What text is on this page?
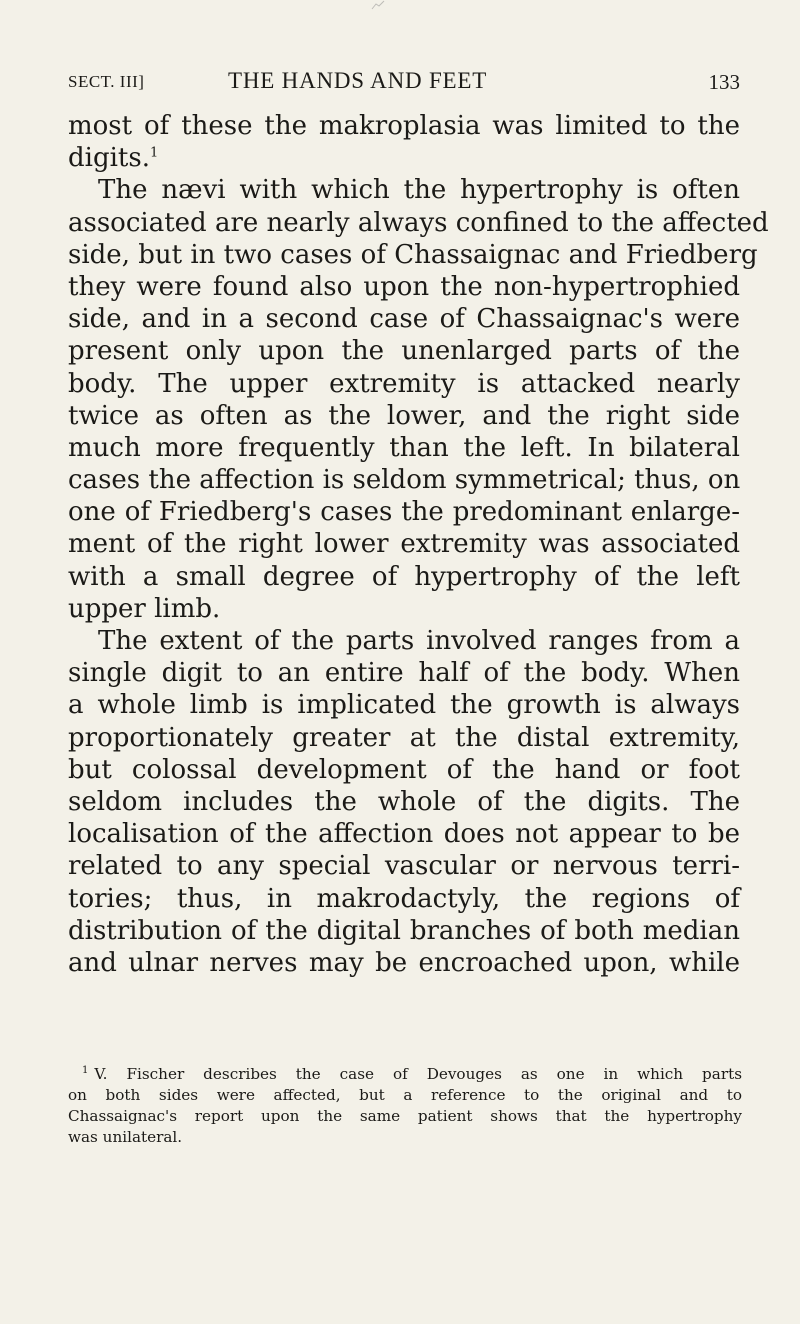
SECT. III]	THE HANDS AND FEET	133
most of these the makroplasia was limited to the
digits.$^1$
The nævi with which the hypertrophy is often
associated are nearly always confined to the affected
side, but in two cases of Chassaignac and Friedberg
they were found also upon the non-hypertrophied
side, and in a second case of Chassaignac's were
present only upon the unenlarged parts of the
body. The upper extremity is attacked nearly
twice as often as the lower, and the right side
much more frequently than the left. In bilateral
cases the affection is seldom symmetrical; thus, on
one of Friedberg's cases the predominant enlarge-
ment of the right lower extremity was associated
with a small degree of hypertrophy of the left
upper limb.
The extent of the parts involved ranges from a
single digit to an entire half of the body. When
a whole limb is implicated the growth is always
proportionately greater at the distal extremity,
but colossal development of the hand or foot
seldom includes the whole of the digits. The
localisation of the affection does not appear to be
related to any special vascular or nervous terri-
tories; thus, in makrodactyly, the regions of
distribution of the digital branches of both median
and ulnar nerves may be encroached upon, while
$^1$ V. Fischer describes the case of Devouges as one in which parts
on both sides were affected, but a reference to the original and to
Chassaignac's report upon the same patient shows that the hypertrophy
was unilateral.
